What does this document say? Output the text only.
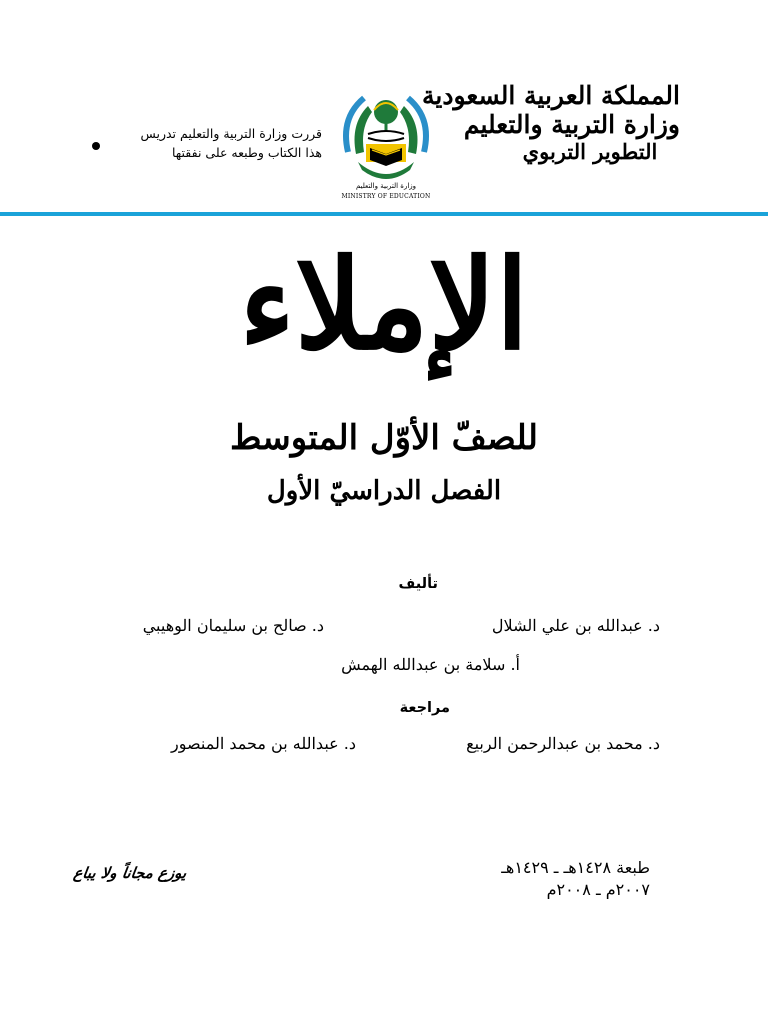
المملكة العربية السعودية
وزارة التربية والتعليم
التطوير التربوي
وزارة التربية والتعليم
MINISTRY OF EDUCATION
قررت وزارة التربية والتعليم تدريس
هذا الكتاب وطبعه على نفقتها
الإملاء
للصفّ الأوّل المتوسط
الفصل الدراسيّ الأول
تأليف
د. عبدالله بن علي الشلال
د. صالح بن سليمان الوهيبي
أ. سلامة بن عبدالله الهمش
مراجعة
د. محمد بن عبدالرحمن الربيع
د. عبدالله بن محمد المنصور
طبعة ١٤٢٨هـ ـ ١٤٢٩هـ
٢٠٠٧م ـ ٢٠٠٨م
يوزع مجاناً ولا يباع
